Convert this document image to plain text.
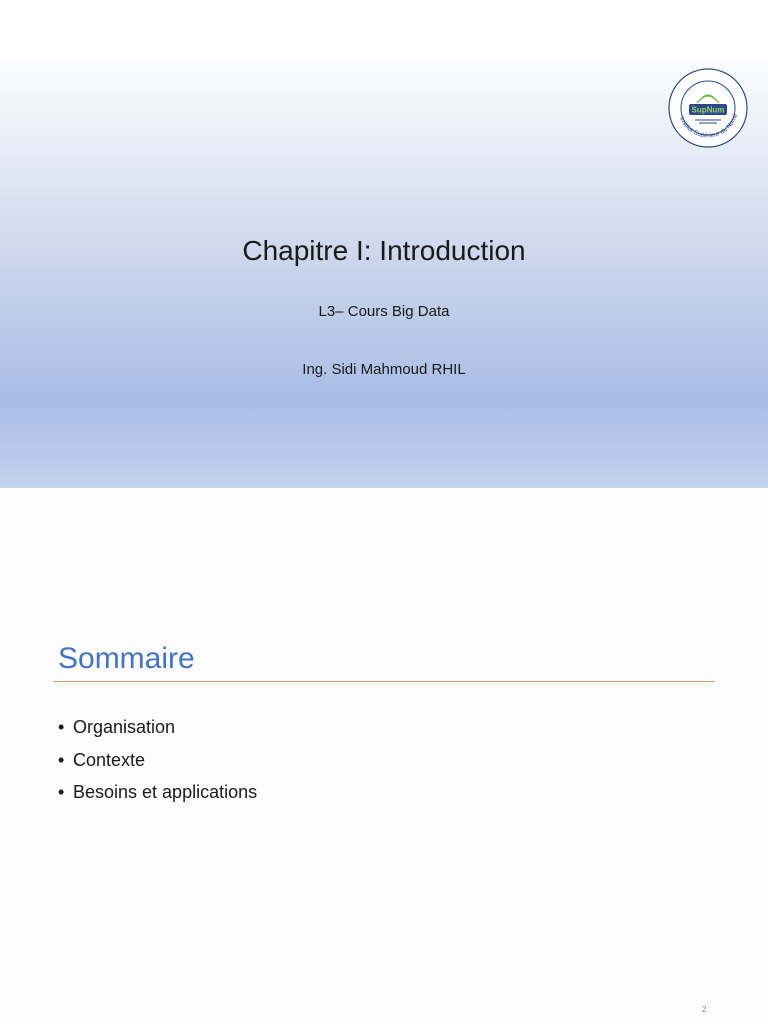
Institut Supérieur du Numé
SupNum
Chapitre I: Introduction
L3– Cours Big Data
Ing. Sidi Mahmoud RHIL
Sommaire
• Organisation
• Contexte
• Besoins et applications
2
